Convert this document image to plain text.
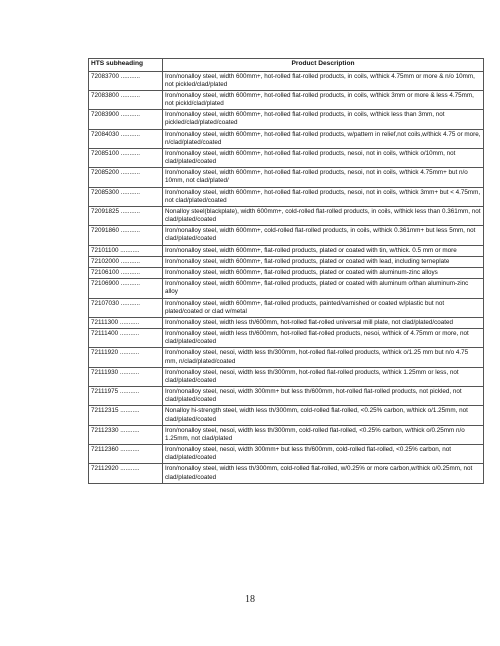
HTS subheading	Product Description
72083700 ...........	Iron/nonalloy steel, width 600mm+, hot-rolled flat-rolled products, in coils, w/thick 4.75mm or more & n/o 10mm, not pickled/clad/plated
72083800 ...........	Iron/nonalloy steel, width 600mm+, hot-rolled flat-rolled products, in coils, w/thick 3mm or more & less 4.75mm, not pickld/clad/plated
72083900 ...........	Iron/nonalloy steel, width 600mm+, hot-rolled flat-rolled products, in coils, w/thick less than 3mm, not pickled/clad/plated/coated
72084030 ...........	Iron/nonalloy steel, width 600mm+, hot-rolled flat-rolled products, w/pattern in relief,not coils,w/thick 4.75 or more, n/clad/plated/coated
72085100 ...........	Iron/nonalloy steel, width 600mm+, hot-rolled flat-rolled products, nesoi, not in coils, w/thick o/10mm, not clad/plated/coated
72085200 ...........	Iron/nonalloy steel, width 600mm+, hot-rolled flat-rolled products, nesoi, not in coils, w/thick 4.75mm+ but n/o 10mm, not clad/plated/
72085300 ...........	Iron/nonalloy steel, width 600mm+, hot-rolled flat-rolled products, nesoi, not in coils, w/thick 3mm+ but < 4.75mm, not clad/plated/coated
72091825 ...........	Nonalloy steel(blackplate), width 600mm+, cold-rolled flat-rolled products, in coils, w/thick less than 0.361mm, not clad/plated/coated
72091860 ...........	Iron/nonalloy steel, width 600mm+, cold-rolled flat-rolled products, in coils, w/thick 0.361mm+ but less 5mm, not clad/plated/coated
72101100 ...........	Iron/nonalloy steel, width 600mm+, flat-rolled products, plated or coated with tin, w/thick. 0.5 mm or more
72102000 ...........	Iron/nonalloy steel, width 600mm+, flat-rolled products, plated or coated with lead, including terneplate
72106100 ...........	Iron/nonalloy steel, width 600mm+, flat-rolled products, plated or coated with aluminum-zinc alloys
72106900 ...........	Iron/nonalloy steel, width 600mm+, flat-rolled products, plated or coated with aluminum o/than aluminum-zinc alloy
72107030 ...........	Iron/nonalloy steel, width 600mm+, flat-rolled products, painted/varnished or coated w/plastic but not plated/coated or clad w/metal
72111300 ...........	Iron/nonalloy steel, width less th/600mm, hot-rolled flat-rolled universal mill plate, not clad/plated/coated
72111400 ...........	Iron/nonalloy steel, width less th/600mm, hot-rolled flat-rolled products, nesoi, w/thick of 4.75mm or more, not clad/plated/coated
72111920 ...........	Iron/nonalloy steel, nesoi, width less th/300mm, hot-rolled flat-rolled products, w/thick o/1.25 mm but n/o 4.75 mm, n/clad/plated/coated
72111930 ...........	Iron/nonalloy steel, nesoi, width less th/300mm, hot-rolled flat-rolled products, w/thick 1.25mm or less, not clad/plated/coated
72111975 ...........	Iron/nonalloy steel, nesoi, width 300mm+ but less th/600mm, hot-rolled flat-rolled products, not pickled, not clad/plated/coated
72112315 ...........	Nonalloy hi-strength steel, width less th/300mm, cold-rolled flat-rolled, <0.25% carbon, w/thick o/1.25mm, not clad/plated/coated
72112330 ...........	Iron/nonalloy steel, nesoi, width less th/300mm, cold-rolled flat-rolled, <0.25% carbon, w/thick o/0.25mm n/o 1.25mm, not clad/plated
72112360 ...........	Iron/nonalloy steel, nesoi, width 300mm+ but less th/600mm, cold-rolled flat-rolled, <0.25% carbon, not clad/plated/coated
72112920 ...........	Iron/nonalloy steel, width less th/300mm, cold-rolled flat-rolled, w/0.25% or more carbon,w/thick o/0.25mm, not clad/plated/coated
18
